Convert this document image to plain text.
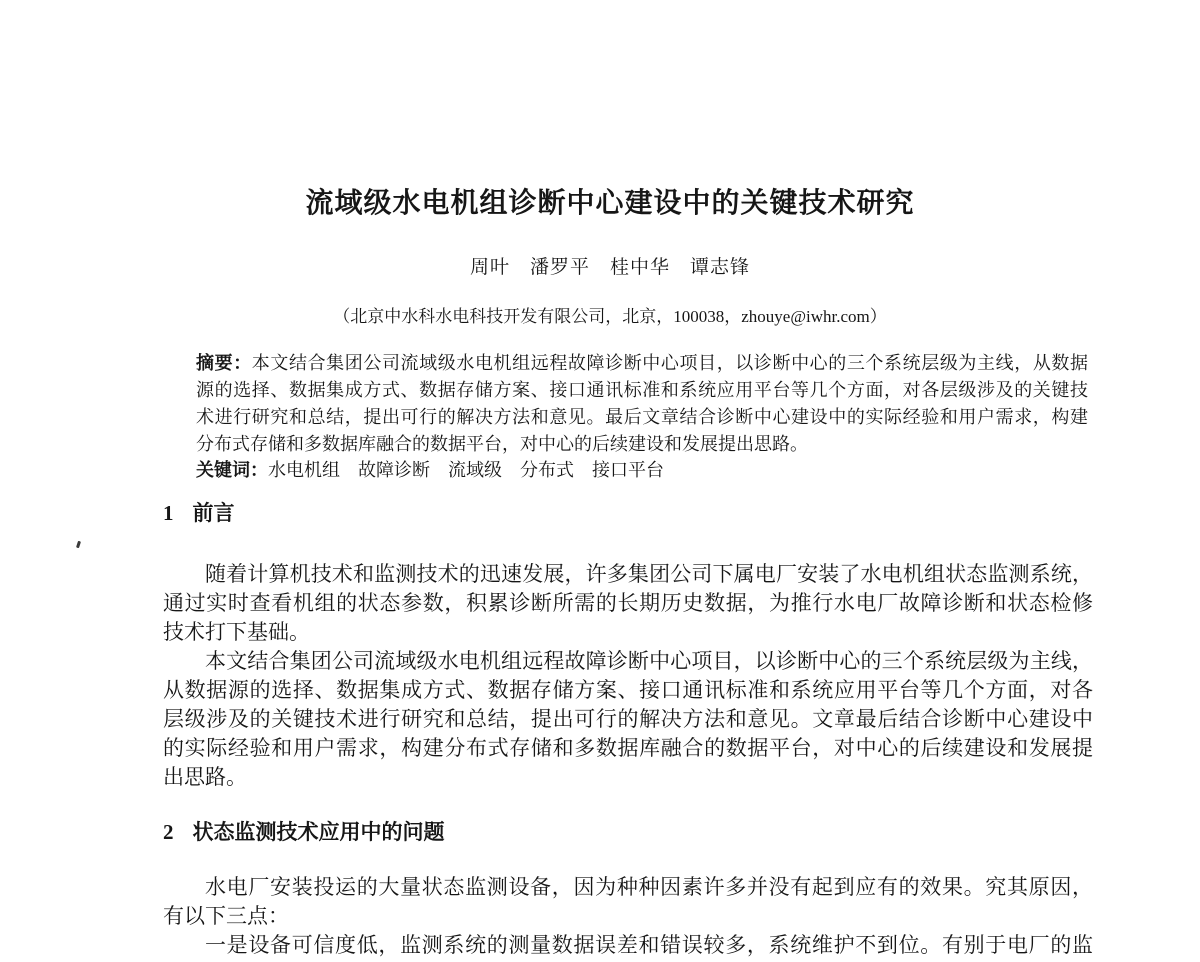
流域级水电机组诊断中心建设中的关键技术研究
周叶　潘罗平　桂中华　谭志锋
（北京中水科水电科技开发有限公司，北京，100038，zhouye@iwhr.com）
摘要：本文结合集团公司流域级水电机组远程故障诊断中心项目，以诊断中心的三个系统层级为主线，从数据
源的选择、数据集成方式、数据存储方案、接口通讯标准和系统应用平台等几个方面，对各层级涉及的关键技
术进行研究和总结，提出可行的解决方法和意见。最后文章结合诊断中心建设中的实际经验和用户需求，构建
分布式存储和多数据库融合的数据平台，对中心的后续建设和发展提出思路。
关键词：水电机组　故障诊断　流域级　分布式　接口平台
1 前言
随着计算机技术和监测技术的迅速发展，许多集团公司下属电厂安装了水电机组状态监测系统，
通过实时查看机组的状态参数，积累诊断所需的长期历史数据，为推行水电厂故障诊断和状态检修
技术打下基础。
本文结合集团公司流域级水电机组远程故障诊断中心项目，以诊断中心的三个系统层级为主线，
从数据源的选择、数据集成方式、数据存储方案、接口通讯标准和系统应用平台等几个方面，对各
层级涉及的关键技术进行研究和总结，提出可行的解决方法和意见。文章最后结合诊断中心建设中
的实际经验和用户需求，构建分布式存储和多数据库融合的数据平台，对中心的后续建设和发展提
出思路。
2 状态监测技术应用中的问题
水电厂安装投运的大量状态监测设备，因为种种因素许多并没有起到应有的效果。究其原因，
有以下三点：
一是设备可信度低，监测系统的测量数据误差和错误较多，系统维护不到位。有别于电厂的监
